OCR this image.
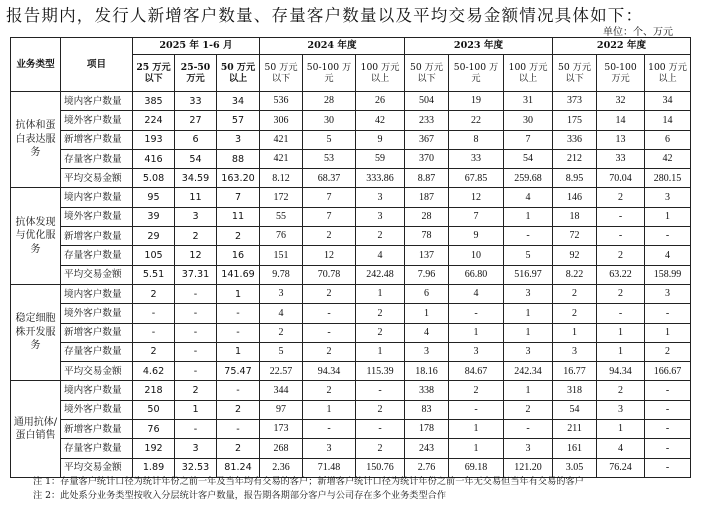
报告期内，发行人新增客户数量、存量客户数量以及平均交易金额情况具体如下：
单位：个、万元
业务类型	项目	2025 年 1-6 月			2024 年度			2023 年度			2022 年度		
		25 万元以下	25-50 万元	50 万元以上	50 万元以下	50-100 万元	100 万元以上	50 万元以下	50-100 万元	100 万元以上	50 万元以下	50-100 万元	100 万元以上
抗体和蛋白表达服务	境内客户数量	385	33	34	536	28	26	504	19	31	373	32	34
	境外客户数量	224	27	57	306	30	42	233	22	30	175	14	14
	新增客户数量	193	6	3	421	5	9	367	8	7	336	13	6
	存量客户数量	416	54	88	421	53	59	370	33	54	212	33	42
	平均交易金额	5.08	34.59	163.20	8.12	68.37	333.86	8.87	67.85	259.68	8.95	70.04	280.15
抗体发现与优化服务	境内客户数量	95	11	7	172	7	3	187	12	4	146	2	3
	境外客户数量	39	3	11	55	7	3	28	7	1	18	-	1
	新增客户数量	29	2	2	76	2	2	78	9	-	72	-	-
	存量客户数量	105	12	16	151	12	4	137	10	5	92	2	4
	平均交易金额	5.51	37.31	141.69	9.78	70.78	242.48	7.96	66.80	516.97	8.22	63.22	158.99
稳定细胞株开发服务	境内客户数量	2	-	1	3	2	1	6	4	3	2	2	3
	境外客户数量	-	-	-	4	-	2	1	-	1	2	-	-
	新增客户数量	-	-	-	2	-	2	4	1	1	1	1	1
	存量客户数量	2	-	1	5	2	1	3	3	3	3	1	2
	平均交易金额	4.62	-	75.47	22.57	94.34	115.39	18.16	84.67	242.34	16.77	94.34	166.67
通用抗体/蛋白销售	境内客户数量	218	2	-	344	2	-	338	2	1	318	2	-
	境外客户数量	50	1	2	97	1	2	83	-	2	54	3	-
	新增客户数量	76	-	-	173	-	-	178	1	-	211	1	-
	存量客户数量	192	3	2	268	3	2	243	1	3	161	4	-
	平均交易金额	1.89	32.53	81.24	2.36	71.48	150.76	2.76	69.18	121.20	3.05	76.24	-
注 1：存量客户统计口径为统计年份之前一年及当年均有交易的客户；新增客户统计口径为统计年份之前一年无交易但当年有交易的客户
注 2：此处系分业务类型按收入分层统计客户数量，报告期各期部分客户与公司存在多个业务类型合作
